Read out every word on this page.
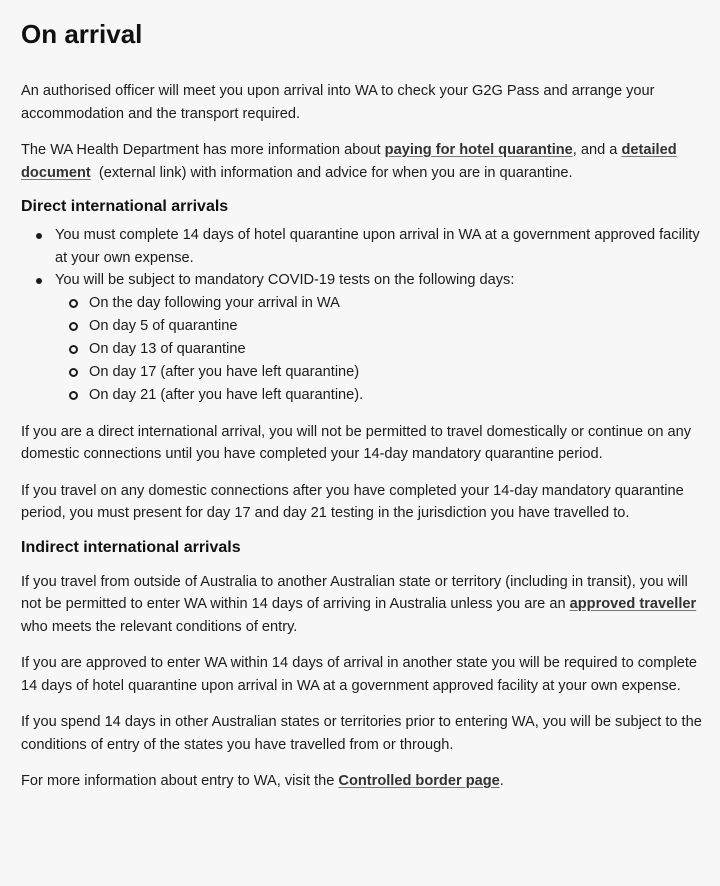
On arrival

An authorised officer will meet you upon arrival into WA to check your G2G Pass and arrange your accommodation and the transport required.

The WA Health Department has more information about paying for hotel quarantine, and a detailed document  (external link) with information and advice for when you are in quarantine.

Direct international arrivals
You must complete 14 days of hotel quarantine upon arrival in WA at a government approved facility at your own expense.
You will be subject to mandatory COVID-19 tests on the following days:
On the day following your arrival in WA
On day 5 of quarantine
On day 13 of quarantine
On day 17 (after you have left quarantine)
On day 21 (after you have left quarantine).

If you are a direct international arrival, you will not be permitted to travel domestically or continue on any domestic connections until you have completed your 14-day mandatory quarantine period.

If you travel on any domestic connections after you have completed your 14-day mandatory quarantine period, you must present for day 17 and day 21 testing in the jurisdiction you have travelled to.

Indirect international arrivals

If you travel from outside of Australia to another Australian state or territory (including in transit), you will not be permitted to enter WA within 14 days of arriving in Australia unless you are an approved traveller who meets the relevant conditions of entry.

If you are approved to enter WA within 14 days of arrival in another state you will be required to complete 14 days of hotel quarantine upon arrival in WA at a government approved facility at your own expense.

If you spend 14 days in other Australian states or territories prior to entering WA, you will be subject to the conditions of entry of the states you have travelled from or through.

For more information about entry to WA, visit the Controlled border page.
